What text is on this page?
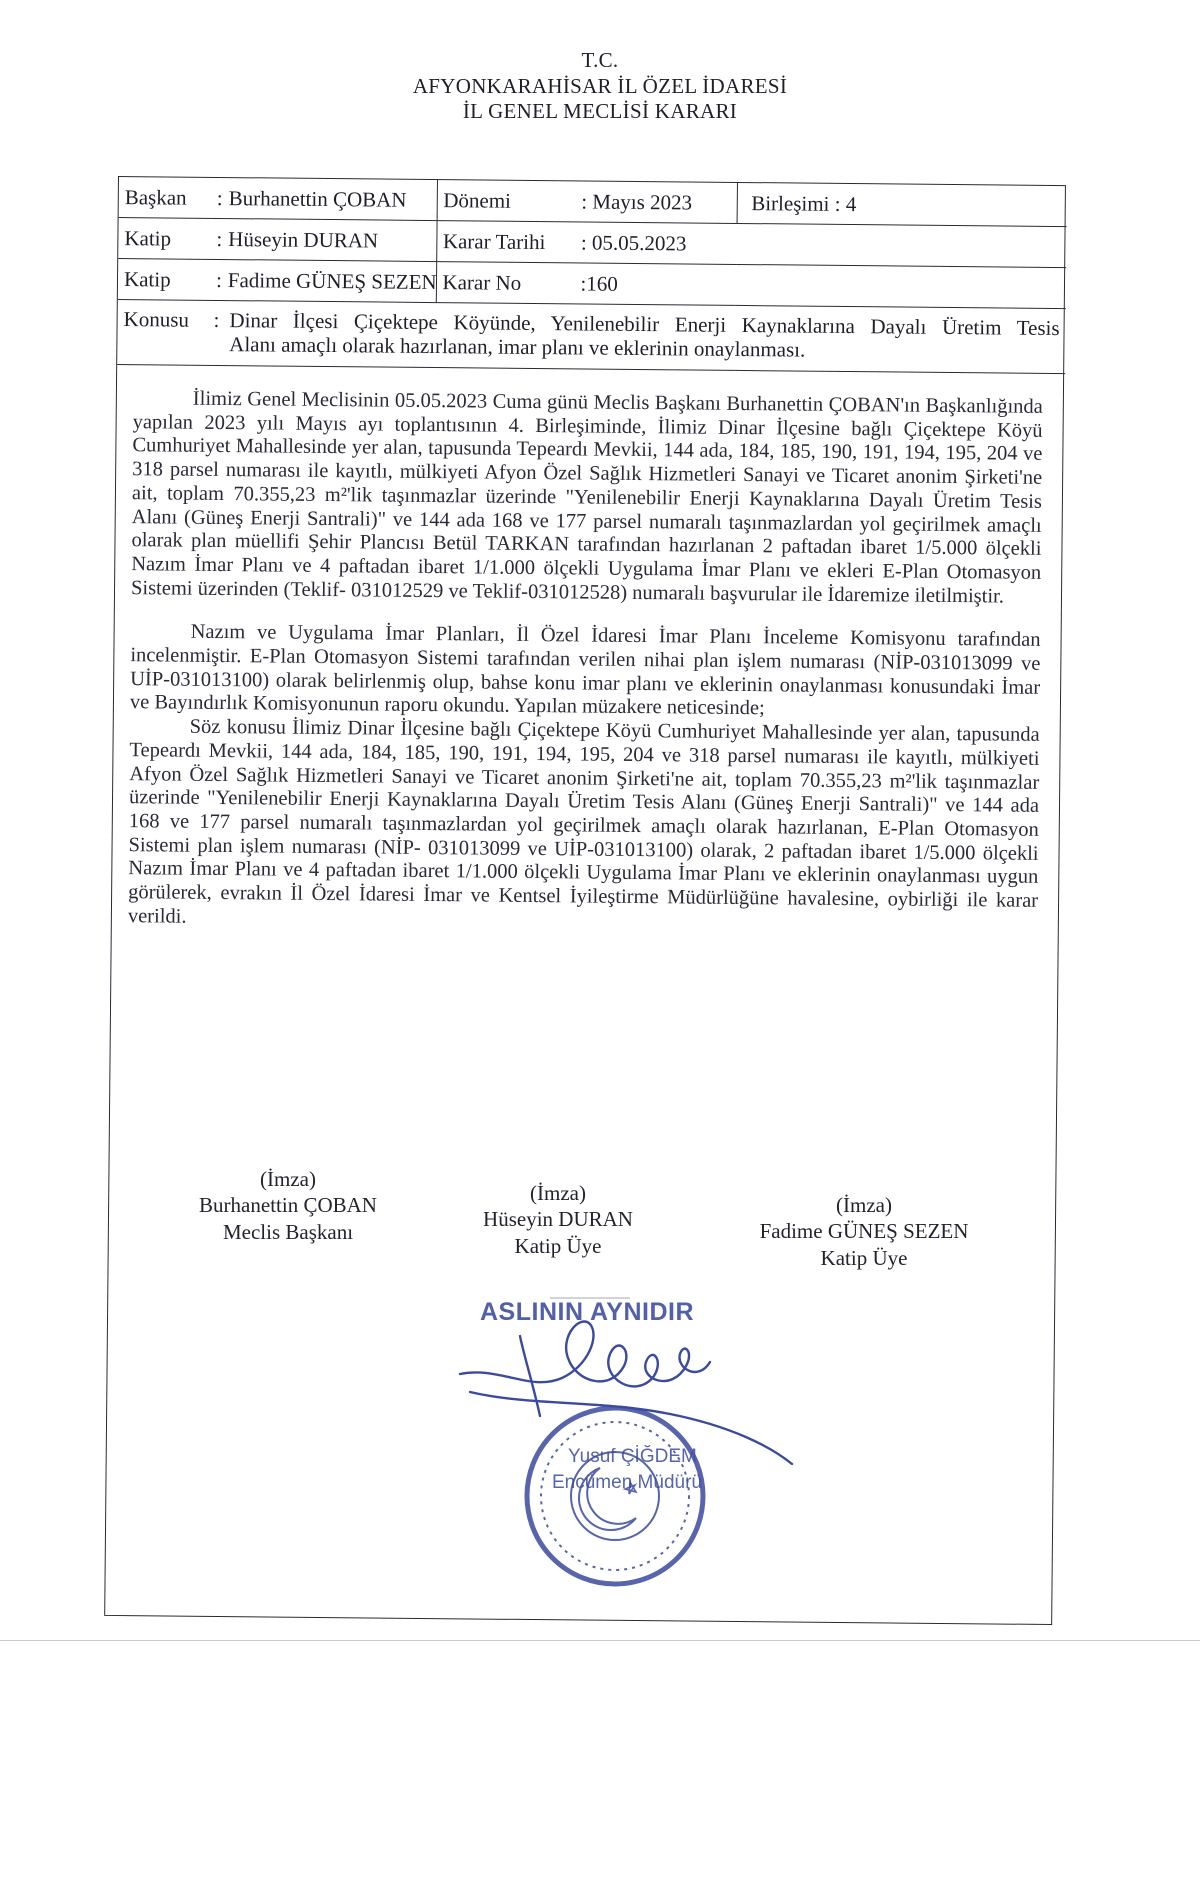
T.C.
AFYONKARAHİSAR İL ÖZEL İDARESİ
İL GENEL MECLİSİ KARARI
Başkan : Burhanettin ÇOBAN	Dönemi : Mayıs 2023	Birleşimi : 4
Katip : Hüseyin DURAN	Karar Tarihi : 05.05.2023	
Katip : Fadime GÜNEŞ SEZEN	Karar No :160	

Konusu : Dinar İlçesi Çiçektepe Köyünde, Yenilenebilir Enerji Kaynaklarına Dayalı Üretim Tesis
Alanı amaçlı olarak hazırlanan, imar planı ve eklerinin onaylanması.		

İlimiz Genel Meclisinin 05.05.2023 Cuma günü Meclis Başkanı Burhanettin ÇOBAN'ın Başkanlığında yapılan 2023 yılı Mayıs ayı toplantısının 4. Birleşiminde, İlimiz Dinar İlçesine bağlı Çiçektepe Köyü Cumhuriyet Mahallesinde yer alan, tapusunda Tepeardı Mevkii, 144 ada, 184, 185, 190, 191, 194, 195, 204 ve 318 parsel numarası ile kayıtlı, mülkiyeti Afyon Özel Sağlık Hizmetleri Sanayi ve Ticaret anonim Şirketi'ne ait, toplam 70.355,23 m²'lik taşınmazlar üzerinde "Yenilenebilir Enerji Kaynaklarına Dayalı Üretim Tesis Alanı (Güneş Enerji Santrali)" ve 144 ada 168 ve 177 parsel numaralı taşınmazlardan yol geçirilmek amaçlı olarak plan müellifi Şehir Plancısı Betül TARKAN tarafından hazırlanan 2 paftadan ibaret 1/5.000 ölçekli Nazım İmar Planı ve 4 paftadan ibaret 1/1.000 ölçekli Uygulama İmar Planı ve ekleri E-Plan Otomasyon Sistemi üzerinden (Teklif- 031012529 ve Teklif-031012528) numaralı başvurular ile İdaremize iletilmiştir.

Nazım ve Uygulama İmar Planları, İl Özel İdaresi İmar Planı İnceleme Komisyonu tarafından incelenmiştir. E-Plan Otomasyon Sistemi tarafından verilen nihai plan işlem numarası (NİP-031013099 ve UİP-031013100) olarak belirlenmiş olup, bahse konu imar planı ve eklerinin onaylanması konusundaki İmar ve Bayındırlık Komisyonunun raporu okundu. Yapılan müzakere neticesinde;

Söz konusu İlimiz Dinar İlçesine bağlı Çiçektepe Köyü Cumhuriyet Mahallesinde yer alan, tapusunda Tepeardı Mevkii, 144 ada, 184, 185, 190, 191, 194, 195, 204 ve 318 parsel numarası ile kayıtlı, mülkiyeti Afyon Özel Sağlık Hizmetleri Sanayi ve Ticaret anonim Şirketi'ne ait, toplam 70.355,23 m²'lik taşınmazlar üzerinde "Yenilenebilir Enerji Kaynaklarına Dayalı Üretim Tesis Alanı (Güneş Enerji Santrali)" ve 144 ada 168 ve 177 parsel numaralı taşınmazlardan yol geçirilmek amaçlı olarak hazırlanan, E-Plan Otomasyon Sistemi plan işlem numarası (NİP- 031013099 ve UİP-031013100) olarak, 2 paftadan ibaret 1/5.000 ölçekli Nazım İmar Planı ve 4 paftadan ibaret 1/1.000 ölçekli Uygulama İmar Planı ve eklerinin onaylanması uygun görülerek, evrakın İl Özel İdaresi İmar ve Kentsel İyileştirme Müdürlüğüne havalesine, oybirliği ile karar verildi.

(İmza)
Burhanettin ÇOBAN
Meclis Başkanı
(İmza)
Hüseyin DURAN
Katip Üye
(İmza)
Fadime GÜNEŞ SEZEN
Katip Üye
ASLININ AYNIDIR
Yusuf ÇİĞDEM
Encümen Müdürü
